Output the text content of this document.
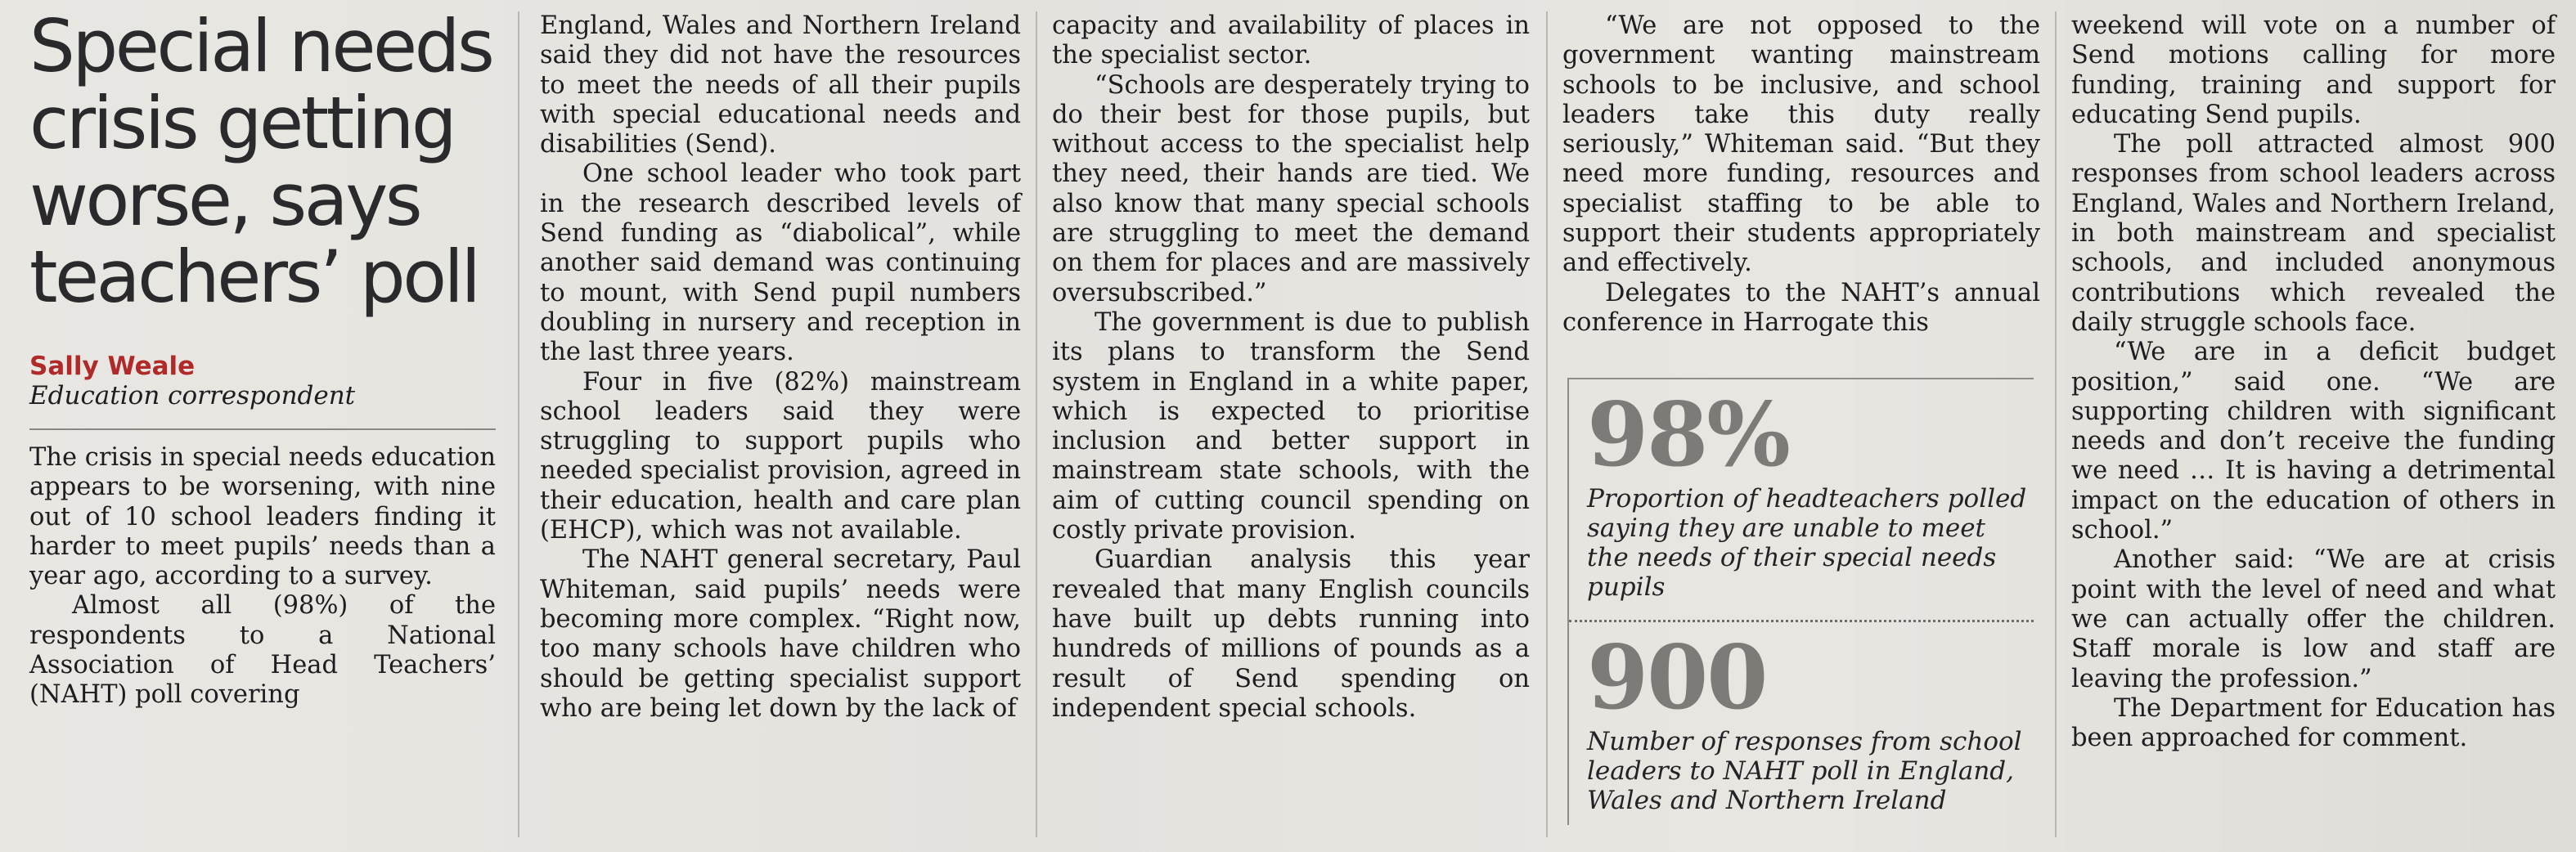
Special needs crisis getting worse, says teachers’ poll
Sally Weale
Education correspondent

The crisis in special needs education appears to be worsening, with nine out of 10 school leaders finding it harder to meet pupils’ needs than a year ago, according to a survey.

Almost all (98%) of the respondents to a National Association of Head Teachers’ (NAHT) poll covering

England, Wales and Northern Ireland said they did not have the resources to meet the needs of all their pupils with special educational needs and disabilities (Send).

One school leader who took part in the research described levels of Send funding as “diabolical”, while another said demand was continuing to mount, with Send pupil numbers doubling in nursery and reception in the last three years.

Four in five (82%) mainstream school leaders said they were struggling to support pupils who needed specialist provision, agreed in their education, health and care plan (EHCP), which was not available.

The NAHT general secretary, Paul Whiteman, said pupils’ needs were becoming more complex. “Right now, too many schools have children who should be getting specialist support who are being let down by the lack of

capacity and availability of places in the specialist sector.

“Schools are desperately trying to do their best for those pupils, but without access to the specialist help they need, their hands are tied. We also know that many special schools are struggling to meet the demand on them for places and are massively oversubscribed.”

The government is due to publish its plans to transform the Send system in England in a white paper, which is expected to prioritise inclusion and better support in mainstream state schools, with the aim of cutting council spending on costly private provision.

Guardian analysis this year revealed that many English councils have built up debts running into hundreds of millions of pounds as a result of Send spending on independent special schools.

“We are not opposed to the government wanting mainstream schools to be inclusive, and school leaders take this duty really seriously,” Whiteman said. “But they need more funding, resources and specialist staffing to be able to support their students appropriately and effectively.

Delegates to the NAHT’s annual conference in Harrogate this

98%
Proportion of headteachers polled saying they are unable to meet the needs of their special needs pupils
900
Number of responses from school leaders to NAHT poll in England, Wales and Northern Ireland

weekend will vote on a number of Send motions calling for more funding, training and support for educating Send pupils.

The poll attracted almost 900 responses from school leaders across England, Wales and Northern Ireland, in both mainstream and specialist schools, and included anonymous contributions which revealed the daily struggle schools face.

“We are in a deficit budget position,” said one. “We are supporting children with significant needs and don’t receive the funding we need … It is having a detrimental impact on the education of others in school.”

Another said: “We are at crisis point with the level of need and what we can actually offer the children. Staff morale is low and staff are leaving the profession.”

The Department for Education has been approached for comment.
